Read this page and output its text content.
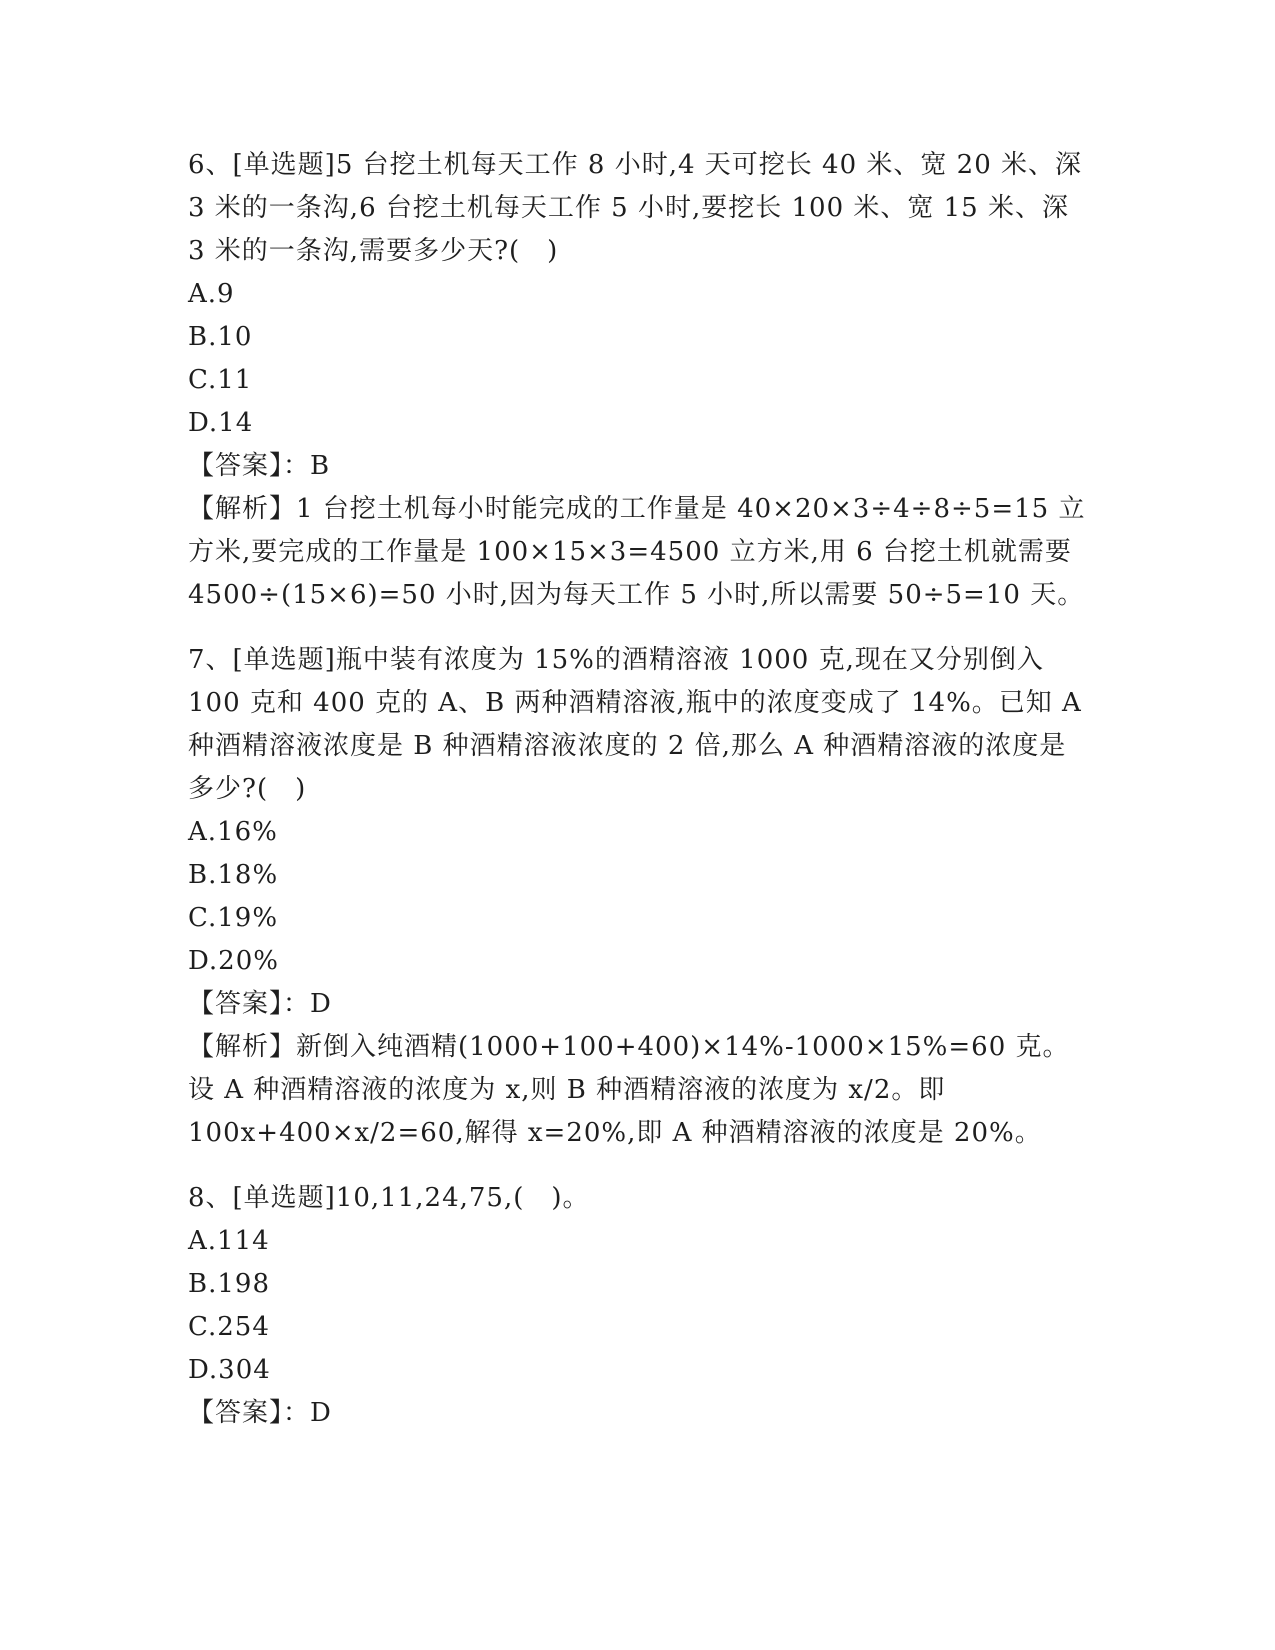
6、[单选题]5 台挖土机每天工作 8 小时,4 天可挖长 40 米、宽 20 米、深 3 米的一条沟,6 台挖土机每天工作 5 小时,要挖长 100 米、宽 15 米、深 3 米的一条沟,需要多少天?(　)

A.9

B.10

C.11

D.14

【答案】：B

【解析】1 台挖土机每小时能完成的工作量是 40×20×3÷4÷8÷5=15 立方米,要完成的工作量是 100×15×3=4500 立方米,用 6 台挖土机就需要 4500÷(15×6)=50 小时,因为每天工作 5 小时,所以需要 50÷5=10 天。

7、[单选题]瓶中装有浓度为 15%的酒精溶液 1000 克,现在又分别倒入 100 克和 400 克的 A、B 两种酒精溶液,瓶中的浓度变成了 14%。已知 A 种酒精溶液浓度是 B 种酒精溶液浓度的 2 倍,那么 A 种酒精溶液的浓度是多少?(　)

A.16%

B.18%

C.19%

D.20%

【答案】：D

【解析】新倒入纯酒精(1000+100+400)×14%-1000×15%=60 克。设 A 种酒精溶液的浓度为 x,则 B 种酒精溶液的浓度为 x/2。即 100x+400×x/2=60,解得 x=20%,即 A 种酒精溶液的浓度是 20%。

8、[单选题]10,11,24,75,(　)。

A.114

B.198

C.254

D.304

【答案】：D
